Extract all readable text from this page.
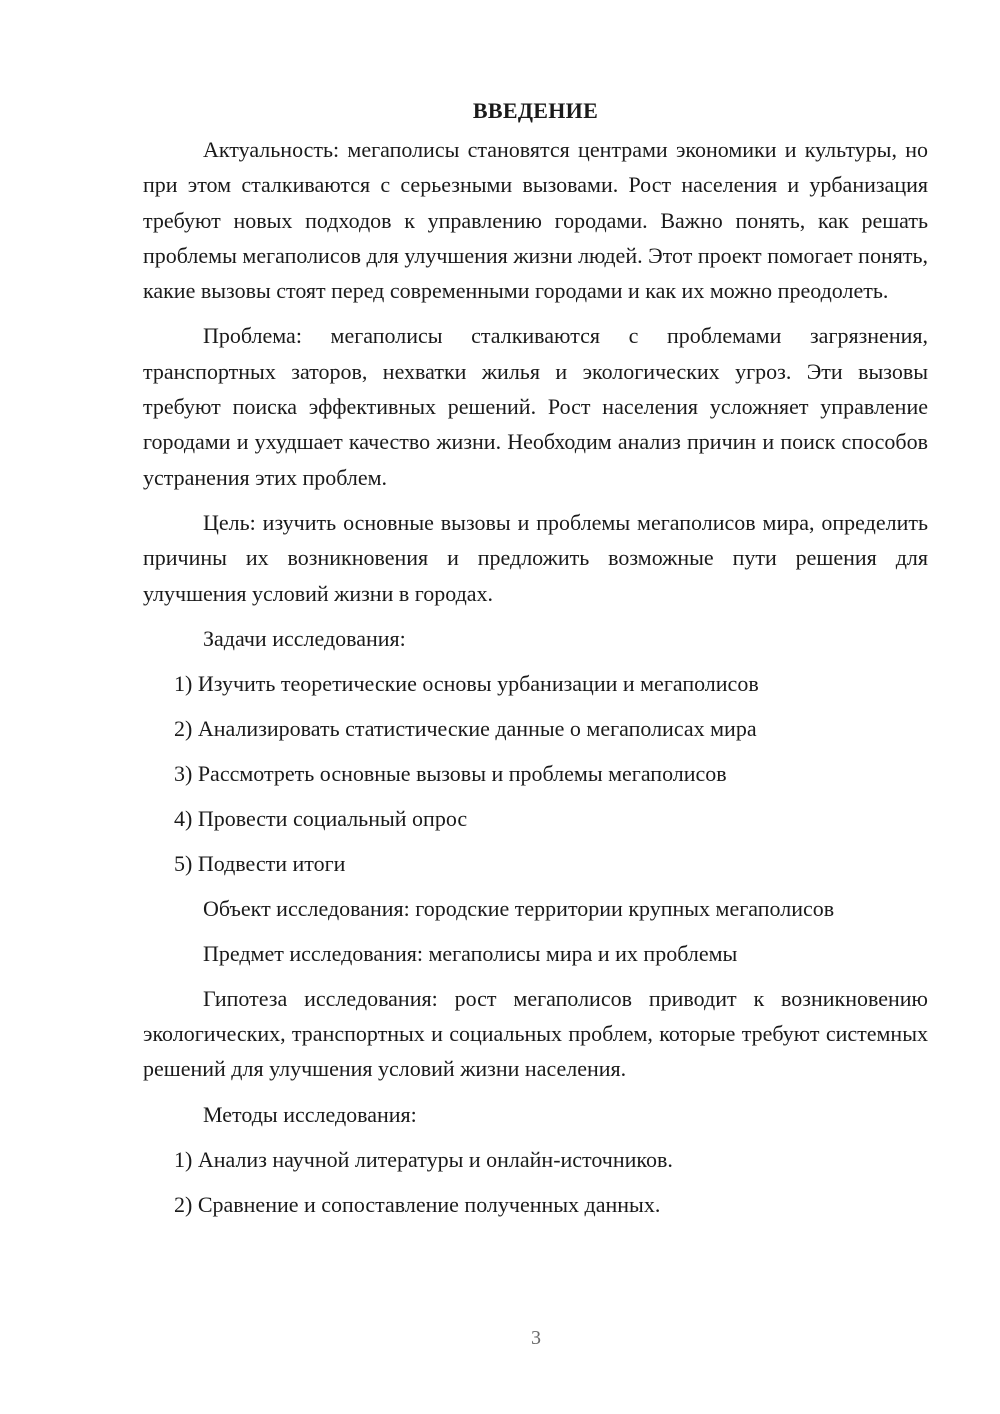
ВВЕДЕНИЕ

Актуальность: мегаполисы становятся центрами экономики и культуры, но при этом сталкиваются с серьезными вызовами. Рост населения и урбанизация требуют новых подходов к управлению городами. Важно понять, как решать проблемы мегаполисов для улучшения жизни людей. Этот проект помогает понять, какие вызовы стоят перед современными городами и как их можно преодолеть.

Проблема: мегаполисы сталкиваются с проблемами загрязнения, транспортных заторов, нехватки жилья и экологических угроз. Эти вызовы требуют поиска эффективных решений. Рост населения усложняет управление городами и ухудшает качество жизни. Необходим анализ причин и поиск способов устранения этих проблем.

Цель: изучить основные вызовы и проблемы мегаполисов мира, определить причины их возникновения и предложить возможные пути решения для улучшения условий жизни в городах.

Задачи исследования:
1) Изучить теоретические основы урбанизации и мегаполисов
2) Анализировать статистические данные о мегаполисах мира
3) Рассмотреть основные вызовы и проблемы мегаполисов
4) Провести социальный опрос
5) Подвести итоги
Объект исследования: городские территории крупных мегаполисов
Предмет исследования: мегаполисы мира и их проблемы

Гипотеза исследования: рост мегаполисов приводит к возникновению экологических, транспортных и социальных проблем, которые требуют системных решений для улучшения условий жизни населения.

Методы исследования:
1) Анализ научной литературы и онлайн-источников.
2) Сравнение и сопоставление полученных данных.
3
